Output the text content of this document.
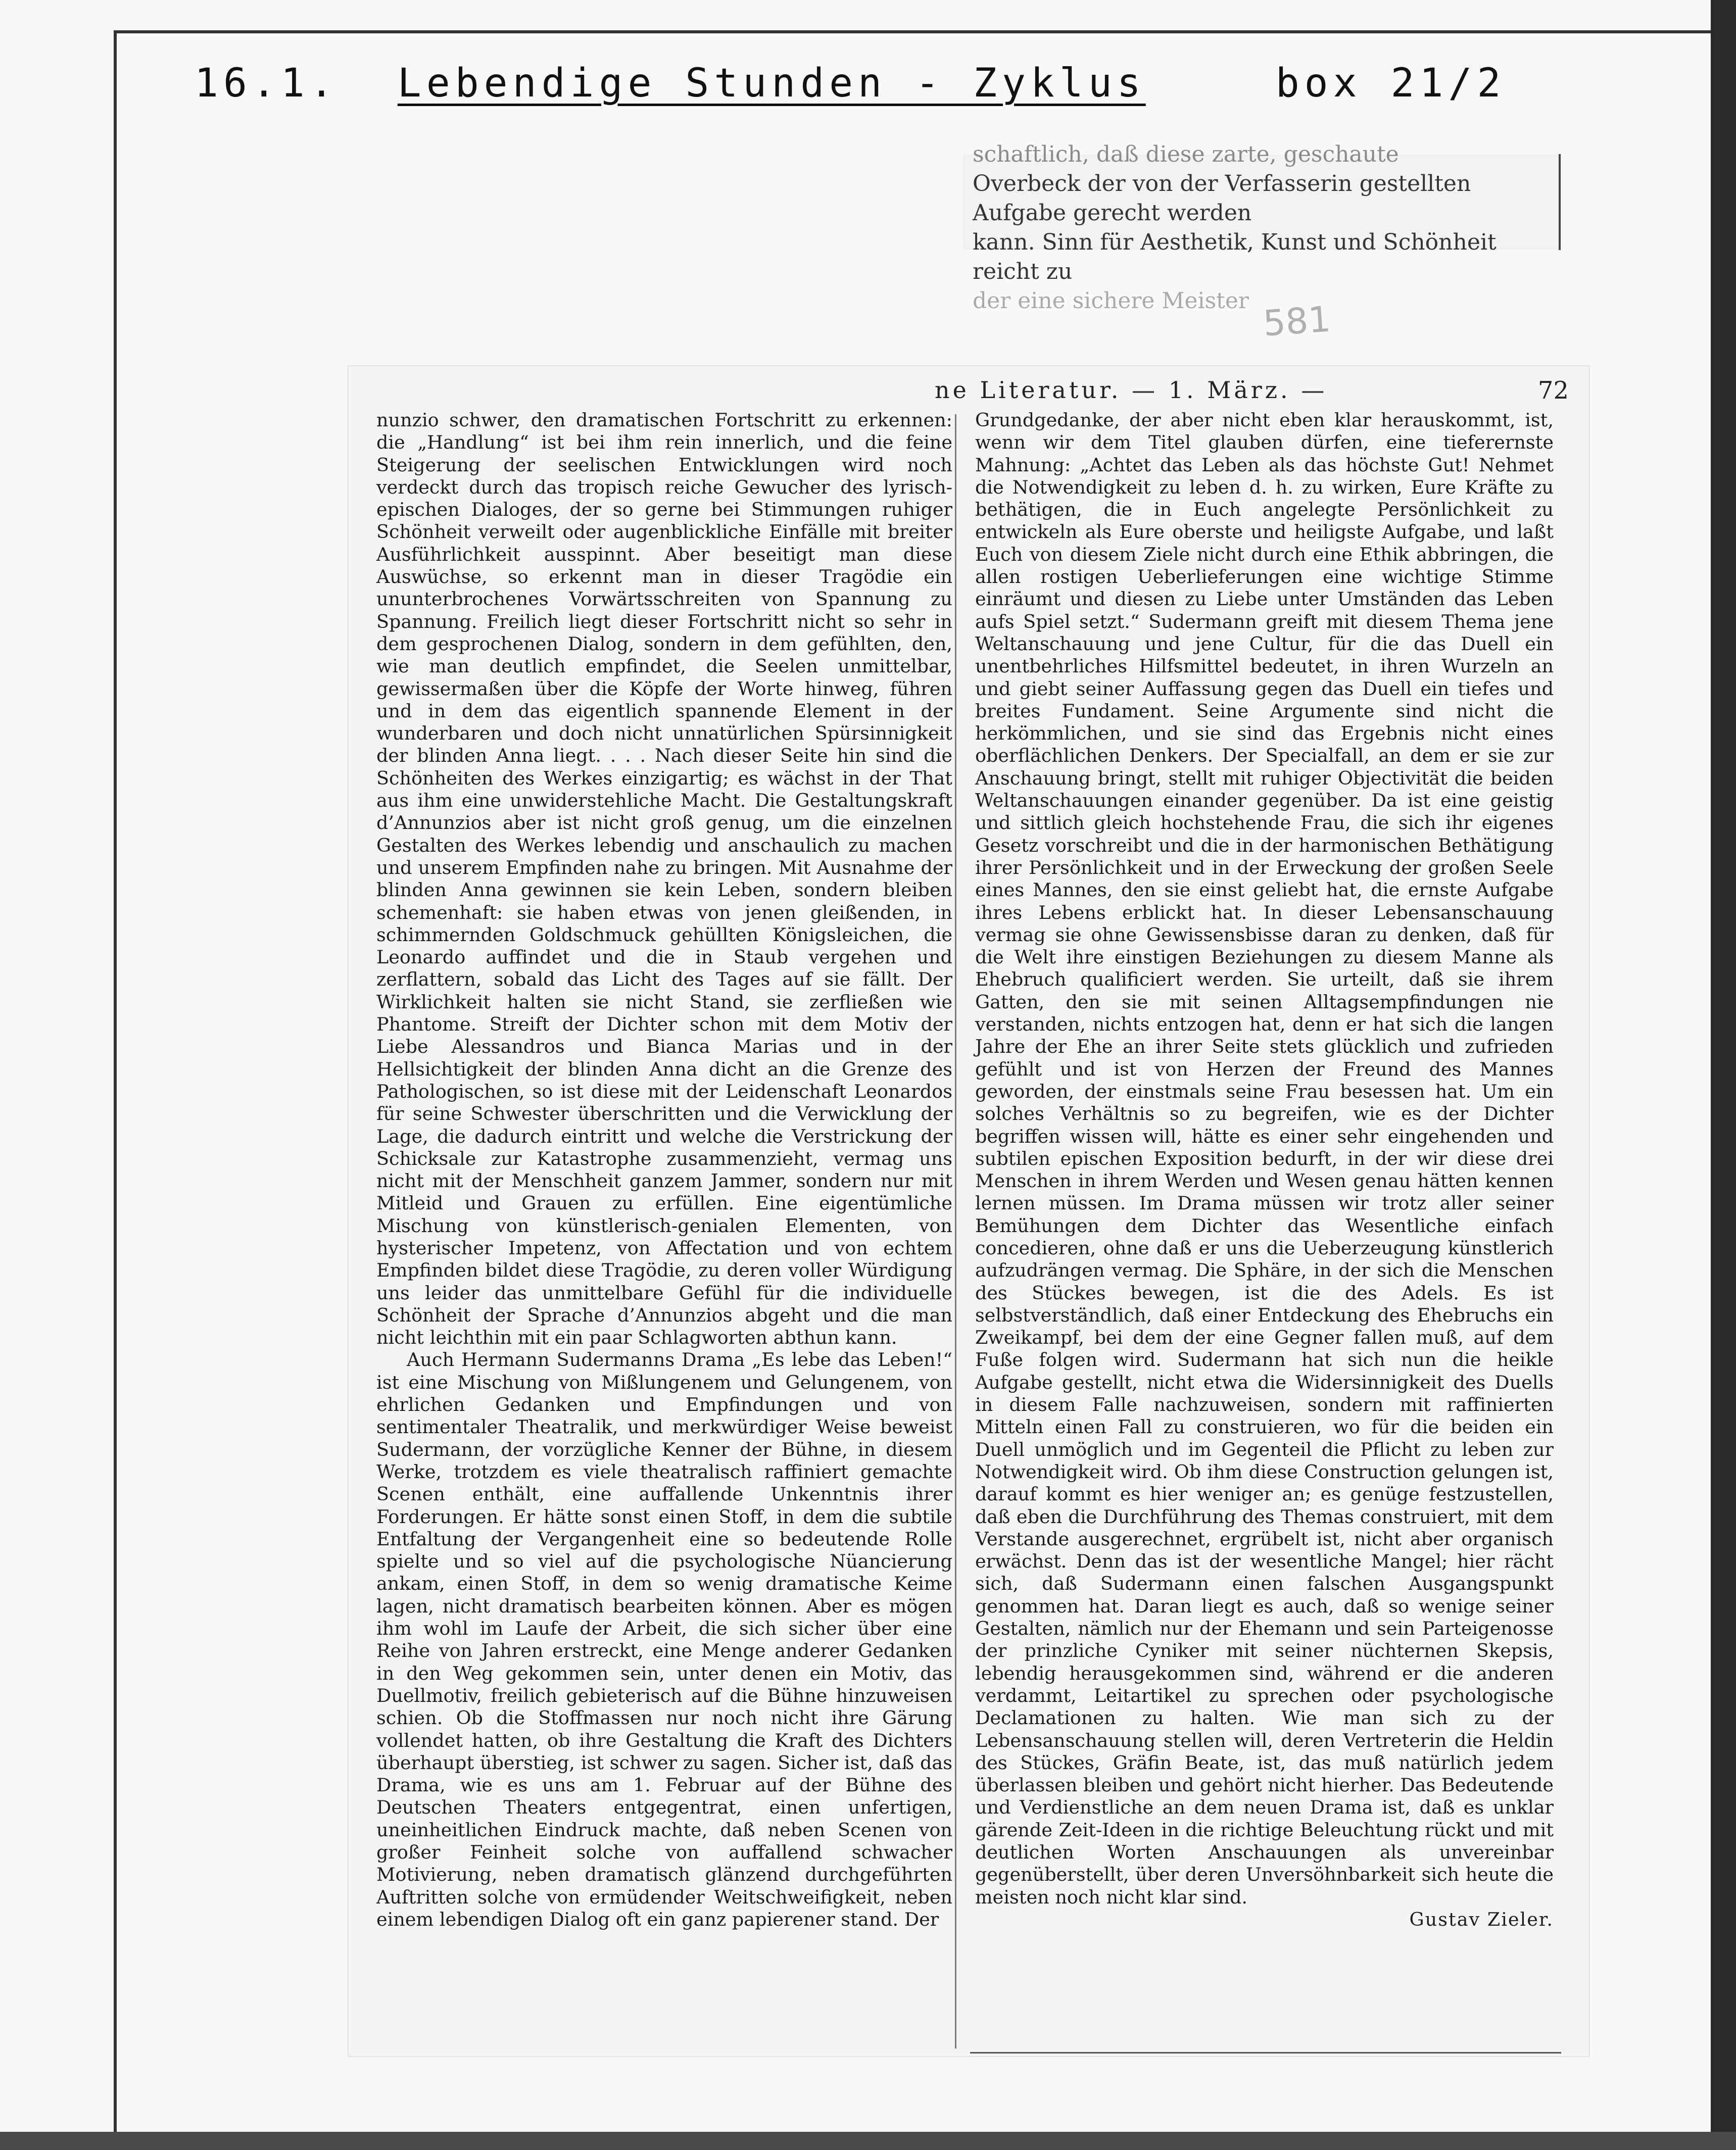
16.1. Lebendige Stunden - Zyklus	box 21/2
schaftlich, daß diese zarte, geschaute
Overbeck der von der Verfasserin gestellten Aufgabe gerecht werden
kann. Sinn für Aesthetik, Kunst und Schönheit reicht zu
der eine sichere Meister 581
ne Literatur. — 1. März. —	72

nunzio schwer, den dramatischen Fortschritt zu erkennen: die „Handlung“ ist bei ihm rein innerlich, und die feine Steigerung der seelischen Entwicklungen wird noch verdeckt durch das tropisch reiche Gewucher des lyrisch-epischen Dialoges, der so gerne bei Stimmungen ruhiger Schönheit verweilt oder augenblickliche Einfälle mit breiter Ausführlichkeit ausspinnt. Aber beseitigt man diese Auswüchse, so erkennt man in dieser Tragödie ein ununterbrochenes Vorwärtsschreiten von Spannung zu Spannung. Freilich liegt dieser Fortschritt nicht so sehr in dem gesprochenen Dialog, sondern in dem gefühlten, den, wie man deutlich empfindet, die Seelen unmittelbar, gewissermaßen über die Köpfe der Worte hinweg, führen und in dem das eigentlich spannende Element in der wunderbaren und doch nicht unnatürlichen Spürsinnigkeit der blinden Anna liegt. . . . Nach dieser Seite hin sind die Schönheiten des Werkes einzigartig; es wächst in der That aus ihm eine unwiderstehliche Macht. Die Gestaltungskraft d’Annunzios aber ist nicht groß genug, um die einzelnen Gestalten des Werkes lebendig und anschaulich zu machen und unserem Empfinden nahe zu bringen. Mit Ausnahme der blinden Anna gewinnen sie kein Leben, sondern bleiben schemenhaft: sie haben etwas von jenen gleißenden, in schimmernden Goldschmuck gehüllten Königsleichen, die Leonardo auffindet und die in Staub vergehen und zerflattern, sobald das Licht des Tages auf sie fällt. Der Wirklichkeit halten sie nicht Stand, sie zerfließen wie Phantome. Streift der Dichter schon mit dem Motiv der Liebe Alessandros und Bianca Marias und in der Hellsichtigkeit der blinden Anna dicht an die Grenze des Pathologischen, so ist diese mit der Leidenschaft Leonardos für seine Schwester überschritten und die Verwicklung der Lage, die dadurch eintritt und welche die Verstrickung der Schicksale zur Katastrophe zusammenzieht, vermag uns nicht mit der Menschheit ganzem Jammer, sondern nur mit Mitleid und Grauen zu erfüllen. Eine eigentümliche Mischung von künstlerisch-genialen Elementen, von hysterischer Impetenz, von Affectation und von echtem Empfinden bildet diese Tragödie, zu deren voller Würdigung uns leider das unmittelbare Gefühl für die individuelle Schönheit der Sprache d’Annunzios abgeht und die man nicht leichthin mit ein paar Schlagworten abthun kann.

Auch Hermann Sudermanns Drama „Es lebe das Leben!“ ist eine Mischung von Mißlungenem und Gelungenem, von ehrlichen Gedanken und Empfindungen und von sentimentaler Theatralik, und merkwürdiger Weise beweist Sudermann, der vorzügliche Kenner der Bühne, in diesem Werke, trotzdem es viele theatralisch raffiniert gemachte Scenen enthält, eine auffallende Unkenntnis ihrer Forderungen. Er hätte sonst einen Stoff, in dem die subtile Entfaltung der Vergangenheit eine so bedeutende Rolle spielte und so viel auf die psychologische Nüancierung ankam, einen Stoff, in dem so wenig dramatische Keime lagen, nicht dramatisch bearbeiten können. Aber es mögen ihm wohl im Laufe der Arbeit, die sich sicher über eine Reihe von Jahren erstreckt, eine Menge anderer Gedanken in den Weg gekommen sein, unter denen ein Motiv, das Duellmotiv, freilich gebieterisch auf die Bühne hinzuweisen schien. Ob die Stoffmassen nur noch nicht ihre Gärung vollendet hatten, ob ihre Gestaltung die Kraft des Dichters überhaupt überstieg, ist schwer zu sagen. Sicher ist, daß das Drama, wie es uns am 1. Februar auf der Bühne des Deutschen Theaters entgegentrat, einen unfertigen, uneinheitlichen Eindruck machte, daß neben Scenen von großer Feinheit solche von auffallend schwacher Motivierung, neben dramatisch glänzend durchgeführten Auftritten solche von ermüdender Weitschweifigkeit, neben einem lebendigen Dialog oft ein ganz papierener stand. Der

Grundgedanke, der aber nicht eben klar herauskommt, ist, wenn wir dem Titel glauben dürfen, eine tieferernste Mahnung: „Achtet das Leben als das höchste Gut! Nehmet die Notwendigkeit zu leben d. h. zu wirken, Eure Kräfte zu bethätigen, die in Euch angelegte Persönlichkeit zu entwickeln als Eure oberste und heiligste Aufgabe, und laßt Euch von diesem Ziele nicht durch eine Ethik abbringen, die allen rostigen Ueberlieferungen eine wichtige Stimme einräumt und diesen zu Liebe unter Umständen das Leben aufs Spiel setzt.“ Sudermann greift mit diesem Thema jene Weltanschauung und jene Cultur, für die das Duell ein unentbehrliches Hilfsmittel bedeutet, in ihren Wurzeln an und giebt seiner Auffassung gegen das Duell ein tiefes und breites Fundament. Seine Argumente sind nicht die herkömmlichen, und sie sind das Ergebnis nicht eines oberflächlichen Denkers. Der Specialfall, an dem er sie zur Anschauung bringt, stellt mit ruhiger Objectivität die beiden Weltanschauungen einander gegenüber. Da ist eine geistig und sittlich gleich hochstehende Frau, die sich ihr eigenes Gesetz vorschreibt und die in der harmonischen Bethätigung ihrer Persönlichkeit und in der Erweckung der großen Seele eines Mannes, den sie einst geliebt hat, die ernste Aufgabe ihres Lebens erblickt hat. In dieser Lebensanschauung vermag sie ohne Gewissensbisse daran zu denken, daß für die Welt ihre einstigen Beziehungen zu diesem Manne als Ehebruch qualificiert werden. Sie urteilt, daß sie ihrem Gatten, den sie mit seinen Alltagsempfindungen nie verstanden, nichts entzogen hat, denn er hat sich die langen Jahre der Ehe an ihrer Seite stets glücklich und zufrieden gefühlt und ist von Herzen der Freund des Mannes geworden, der einstmals seine Frau besessen hat. Um ein solches Verhältnis so zu begreifen, wie es der Dichter begriffen wissen will, hätte es einer sehr eingehenden und subtilen epischen Exposition bedurft, in der wir diese drei Menschen in ihrem Werden und Wesen genau hätten kennen lernen müssen. Im Drama müssen wir trotz aller seiner Bemühungen dem Dichter das Wesentliche einfach concedieren, ohne daß er uns die Ueberzeugung künstlerich aufzudrängen vermag. Die Sphäre, in der sich die Menschen des Stückes bewegen, ist die des Adels. Es ist selbstverständlich, daß einer Entdeckung des Ehebruchs ein Zweikampf, bei dem der eine Gegner fallen muß, auf dem Fuße folgen wird. Sudermann hat sich nun die heikle Aufgabe gestellt, nicht etwa die Widersinnigkeit des Duells in diesem Falle nachzuweisen, sondern mit raffinierten Mitteln einen Fall zu construieren, wo für die beiden ein Duell unmöglich und im Gegenteil die Pflicht zu leben zur Notwendigkeit wird. Ob ihm diese Construction gelungen ist, darauf kommt es hier weniger an; es genüge festzustellen, daß eben die Durchführung des Themas construiert, mit dem Verstande ausgerechnet, ergrübelt ist, nicht aber organisch erwächst. Denn das ist der wesentliche Mangel; hier rächt sich, daß Sudermann einen falschen Ausgangspunkt genommen hat. Daran liegt es auch, daß so wenige seiner Gestalten, nämlich nur der Ehemann und sein Parteigenosse der prinzliche Cyniker mit seiner nüchternen Skepsis, lebendig herausgekommen sind, während er die anderen verdammt, Leitartikel zu sprechen oder psychologische Declamationen zu halten. Wie man sich zu der Lebensanschauung stellen will, deren Vertreterin die Heldin des Stückes, Gräfin Beate, ist, das muß natürlich jedem überlassen bleiben und gehört nicht hierher. Das Bedeutende und Verdienstliche an dem neuen Drama ist, daß es unklar gärende Zeit-Ideen in die richtige Beleuchtung rückt und mit deutlichen Worten Anschauungen als unvereinbar gegenüberstellt, über deren Unversöhnbarkeit sich heute die meisten noch nicht klar sind.

Gustav Zieler.
